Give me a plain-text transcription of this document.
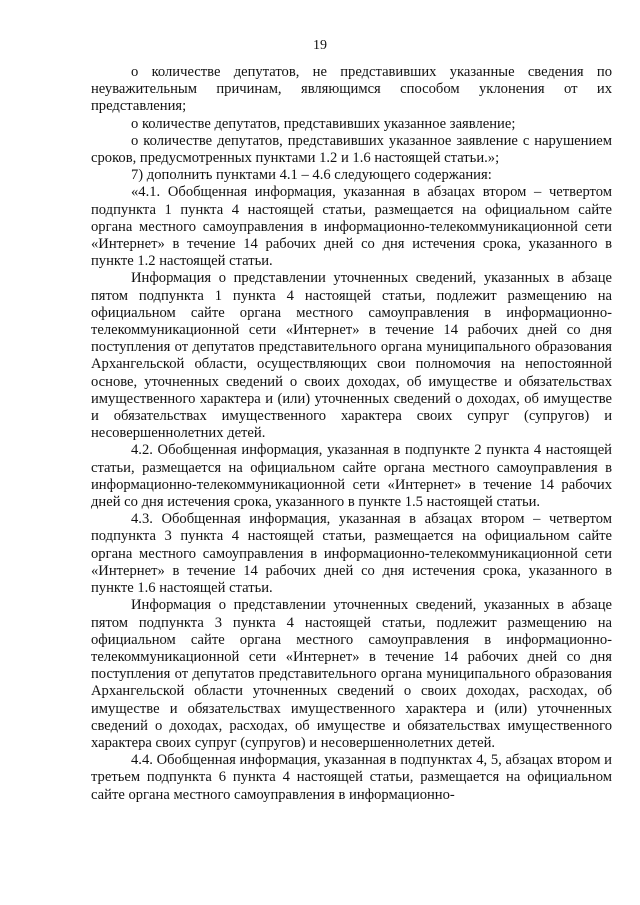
19

о количестве депутатов, не представивших указанные сведения по неуважительным причинам, являющимся способом уклонения от их представления;

о количестве депутатов, представивших указанное заявление;

о количестве депутатов, представивших указанное заявление с нарушением сроков, предусмотренных пунктами 1.2 и 1.6 настоящей статьи.»;

7) дополнить пунктами 4.1 – 4.6 следующего содержания:

«4.1. Обобщенная информация, указанная в абзацах втором – четвертом подпункта 1 пункта 4 настоящей статьи, размещается на официальном сайте органа местного самоуправления в информационно-телекоммуникационной сети «Интернет» в течение 14 рабочих дней со дня истечения срока, указанного в пункте 1.2 настоящей статьи.

Информация о представлении уточненных сведений, указанных в абзаце пятом подпункта 1 пункта 4 настоящей статьи, подлежит размещению на официальном сайте органа местного самоуправления в информационно-телекоммуникационной сети «Интернет» в течение 14 рабочих дней со дня поступления от депутатов представительного органа муниципального образования Архангельской области, осуществляющих свои полномочия на непостоянной основе, уточненных сведений о своих доходах, об имуществе и обязательствах имущественного характера и (или) уточненных сведений о доходах, об имуществе и обязательствах имущественного характера своих супруг (супругов) и несовершеннолетних детей.

4.2. Обобщенная информация, указанная в подпункте 2 пункта 4 настоящей статьи, размещается на официальном сайте органа местного самоуправления в информационно-телекоммуникационной сети «Интернет» в течение 14 рабочих дней со дня истечения срока, указанного в пункте 1.5 настоящей статьи.

4.3. Обобщенная информация, указанная в абзацах втором – четвертом подпункта 3 пункта 4 настоящей статьи, размещается на официальном сайте органа местного самоуправления в информационно-телекоммуникационной сети «Интернет» в течение 14 рабочих дней со дня истечения срока, указанного в пункте 1.6 настоящей статьи.

Информация о представлении уточненных сведений, указанных в абзаце пятом подпункта 3 пункта 4 настоящей статьи, подлежит размещению на официальном сайте органа местного самоуправления в информационно-телекоммуникационной сети «Интернет» в течение 14 рабочих дней со дня поступления от депутатов представительного органа муниципального образования Архангельской области уточненных сведений о своих доходах, расходах, об имуществе и обязательствах имущественного характера и (или) уточненных сведений о доходах, расходах, об имуществе и обязательствах имущественного характера своих супруг (супругов) и несовершеннолетних детей.

4.4. Обобщенная информация, указанная в подпунктах 4, 5, абзацах втором и третьем подпункта 6 пункта 4 настоящей статьи, размещается на официальном сайте органа местного самоуправления в информационно-
